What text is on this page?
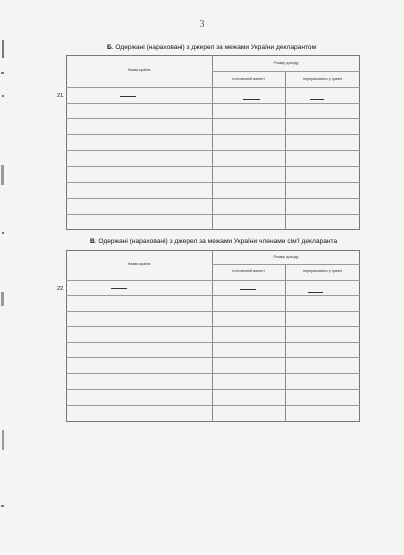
3
Б. Одержані (нараховані) з джерел за межами України декларантом
21.
Назва країни
Розмір доходу
в іноземній валюті	перераховано у гривні
В. Одержані (нараховані) з джерел за межами України членами сім'ї декларанта
22.
Назва країни
Розмір доходу
в іноземній валюті	перераховано у гривні
